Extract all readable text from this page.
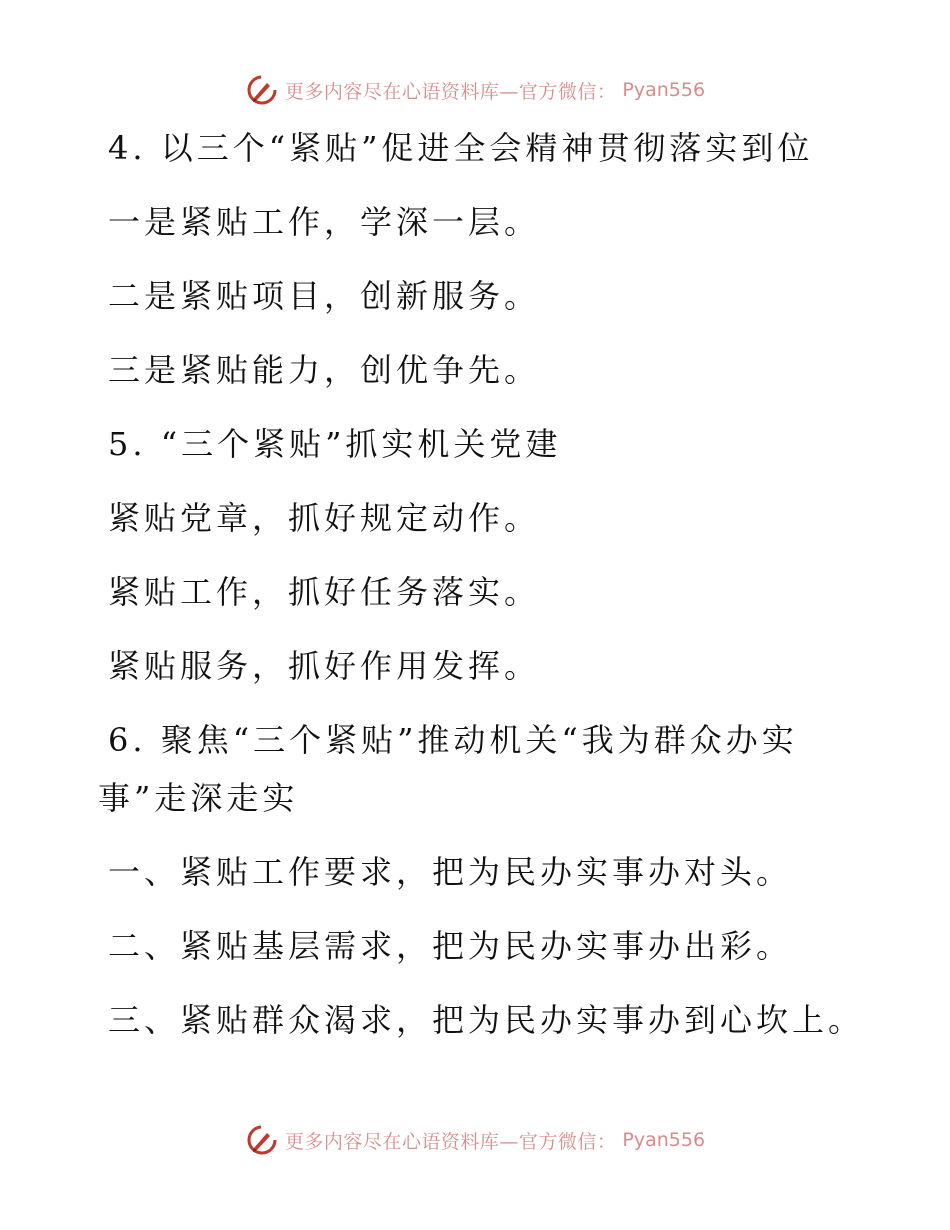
更多内容尽在心语资料库—官方微信： Pyan556
4. 以三个“紧贴”促进全会精神贯彻落实到位
一是紧贴工作，学深一层。
二是紧贴项目，创新服务。
三是紧贴能力，创优争先。
5. “三个紧贴”抓实机关党建
紧贴党章，抓好规定动作。
紧贴工作，抓好任务落实。
紧贴服务，抓好作用发挥。
6. 聚焦“三个紧贴”推动机关“我为群众办实
事”走深走实
一、紧贴工作要求，把为民办实事办对头。
二、紧贴基层需求，把为民办实事办出彩。
三、紧贴群众渴求，把为民办实事办到心坎上。
更多内容尽在心语资料库—官方微信： Pyan556
